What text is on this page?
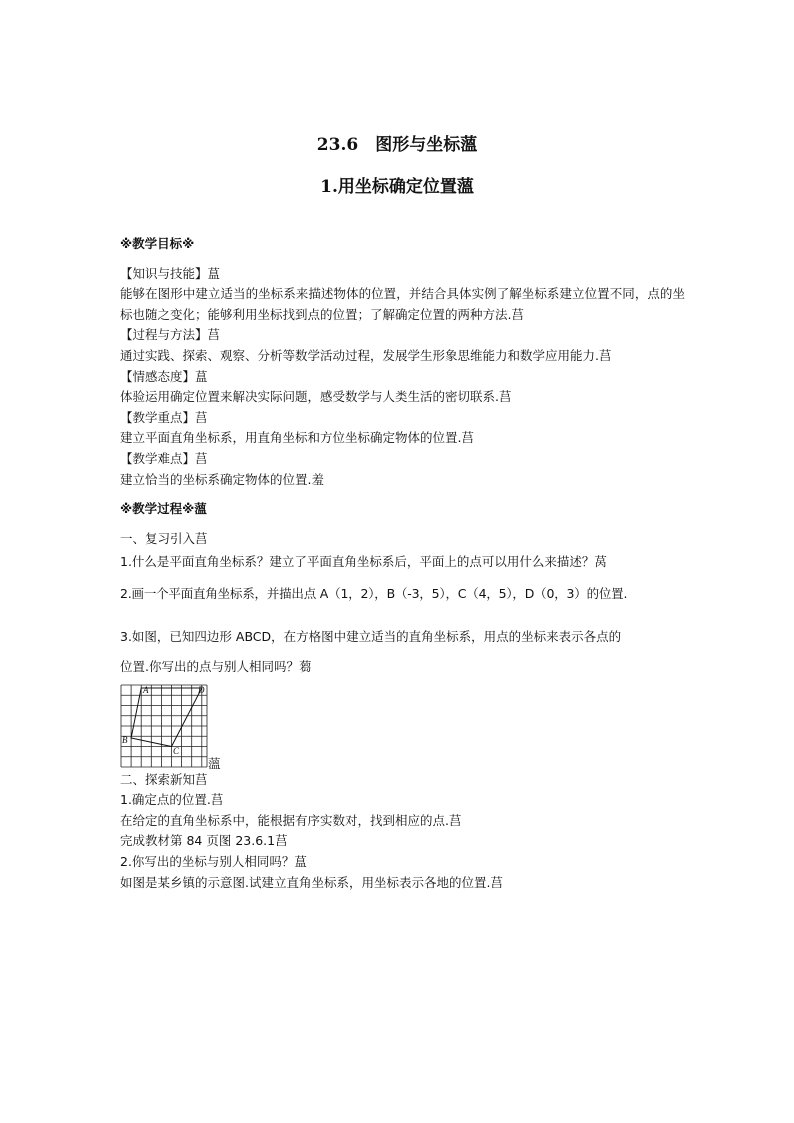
23.6　图形与坐标薀
1.用坐标确定位置薀
※教学目标※
【知识与技能】蒀
能够在图形中建立适当的坐标系来描述物体的位置，并结合具体实例了解坐标系建立位置不同，点的坐标也随之变化；能够利用坐标找到点的位置；了解确定位置的两种方法.莒
【过程与方法】莒
通过实践、探索、观察、分析等数学活动过程，发展学生形象思维能力和数学应用能力.莒
【情感态度】蒀
体验运用确定位置来解决实际问题，感受数学与人类生活的密切联系.莒
【教学重点】莒
建立平面直角坐标系，用直角坐标和方位坐标确定物体的位置.莒
【教学难点】莒
建立恰当的坐标系确定物体的位置.羞
※教学过程※薀
一、复习引入莒
1.什么是平面直角坐标系？建立了平面直角坐标系后，平面上的点可以用什么来描述？莴
2.画一个平面直角坐标系，并描出点 A（1，2），B（-3，5），C（4，5），D（0，3）的位置.
3.如图，已知四边形 ABCD，在方格图中建立适当的直角坐标系，用点的坐标来表示各点的
位置.你写出的点与别人相同吗？蒭
A	D
B
C
薀
二、探索新知莒
1.确定点的位置.莒
在给定的直角坐标系中，能根据有序实数对，找到相应的点.莒
完成教材第 84 页图 23.6.1莒
2.你写出的坐标与别人相同吗？蒀
如图是某乡镇的示意图.试建立直角坐标系，用坐标表示各地的位置.莒
